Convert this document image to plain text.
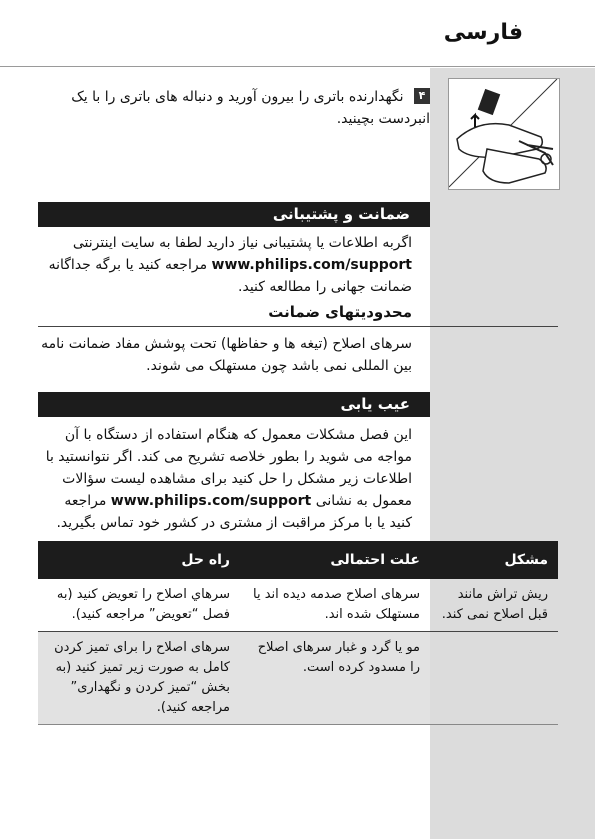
فارسی
۴ نگهدارنده باتری را بیرون آورید و دنباله های باتری را با یک انبردست بچینید.
ضمانت و پشتیبانی
اگربه اطلاعات یا پشتیبانی نیاز دارید لطفا به سایت اینترنتی www.philips.com/support مراجعه کنید یا برگه جداگانه ضمانت جهانی را مطالعه کنید.
محدودیتهای ضمانت
سرهای اصلاح (تیغه ها و حفاظها) تحت پوشش مفاد ضمانت نامه بین المللی نمی باشد چون مستهلک می شوند.
عیب یابی
این فصل مشکلات معمول که هنگام استفاده از دستگاه با آن مواجه می شوید را بطور خلاصه تشریح می کند. اگر نتوانستید با اطلاعات زیر مشکل را حل کنید برای مشاهده لیست سؤالات معمول به نشانی www.philips.com/support مراجعه کنید یا با مرکز مراقبت از مشتری در کشور خود تماس بگیرید.
مشکل	علت احتمالی	راه حل
ریش تراش مانند قبل اصلاح نمی کند.	سرهای اصلاح صدمه دیده اند یا مستهلک شده اند.	سرهاي اصلاح را تعويض كنيد (به فصل “تعويض” مراجعه كنيد).
	مو یا گرد و غبار سرهای اصلاح را مسدود کرده است.	سرهای اصلاح را برای تمیز کردن کامل به صورت زیر تمیز کنید (به بخش “تمیز کردن و نگهداری” مراجعه کنید).
